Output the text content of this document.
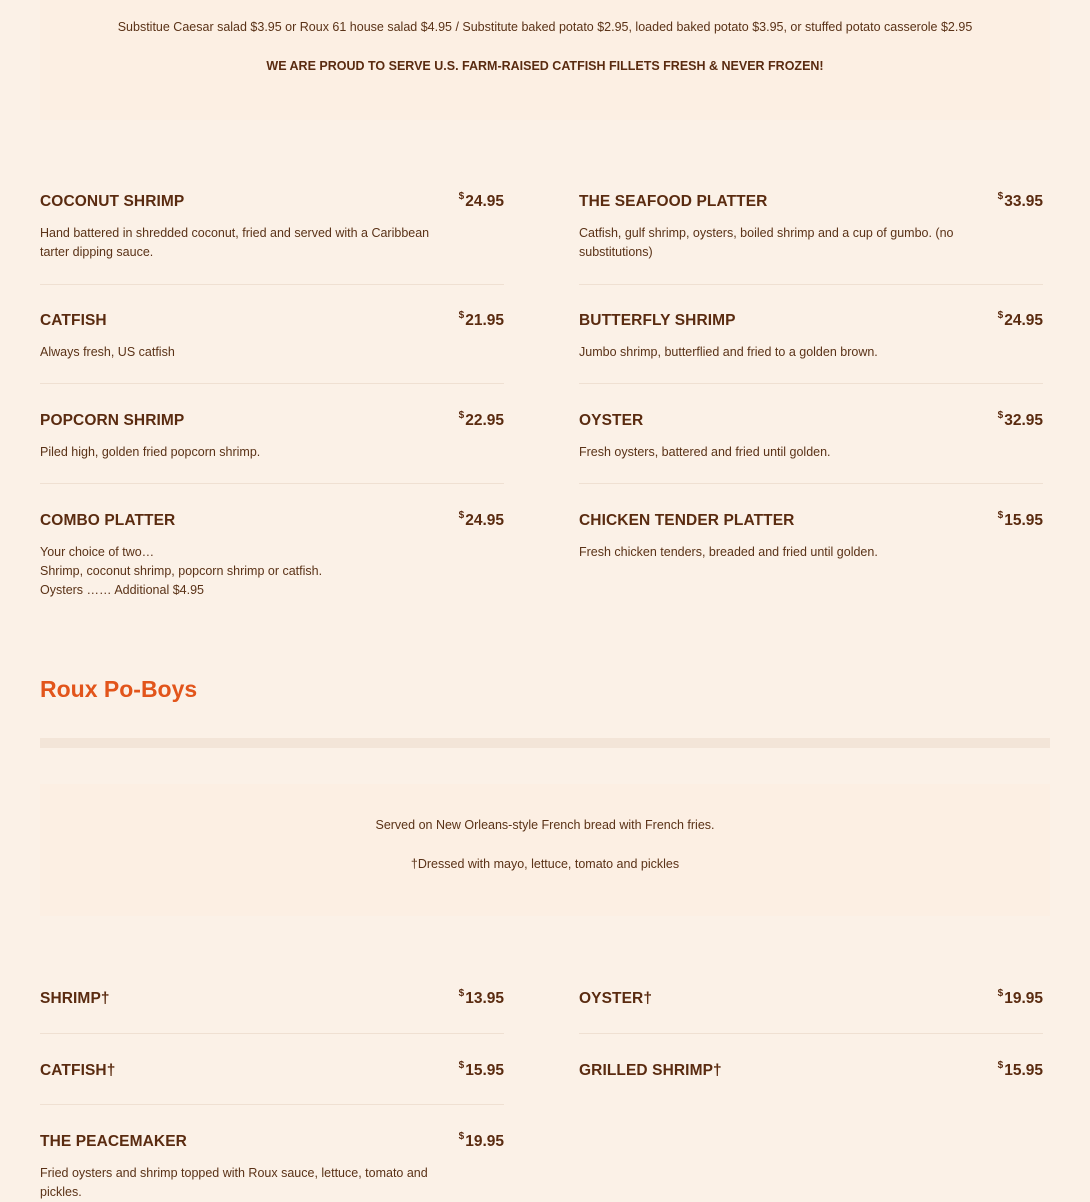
Substitue Caesar salad $3.95 or Roux 61 house salad $4.95 / Substitute baked potato $2.95, loaded baked potato $3.95, or stuffed potato casserole $2.95

WE ARE PROUD TO SERVE U.S. FARM-RAISED CATFISH FILLETS FRESH & NEVER FROZEN!

COCONUT SHRIMP	$24.95
Hand battered in shredded coconut, fried and served with a Caribbean tarter dipping sauce.
CATFISH	$21.95
Always fresh, US catfish
POPCORN SHRIMP	$22.95
Piled high, golden fried popcorn shrimp.
COMBO PLATTER	$24.95
Your choice of two…
Shrimp, coconut shrimp, popcorn shrimp or catfish.
Oysters …… Additional $4.95
THE SEAFOOD PLATTER	$33.95
Catfish, gulf shrimp, oysters, boiled shrimp and a cup of gumbo. (no substitutions)
BUTTERFLY SHRIMP	$24.95
Jumbo shrimp, butterflied and fried to a golden brown.
OYSTER	$32.95
Fresh oysters, battered and fried until golden.
CHICKEN TENDER PLATTER	$15.95
Fresh chicken tenders, breaded and fried until golden.
Roux Po-Boys

Served on New Orleans-style French bread with French fries.

†Dressed with mayo, lettuce, tomato and pickles

SHRIMP†	$13.95
CATFISH†	$15.95
THE PEACEMAKER	$19.95
Fried oysters and shrimp topped with Roux sauce, lettuce, tomato and pickles.
OYSTER†	$19.95
GRILLED SHRIMP†	$15.95
